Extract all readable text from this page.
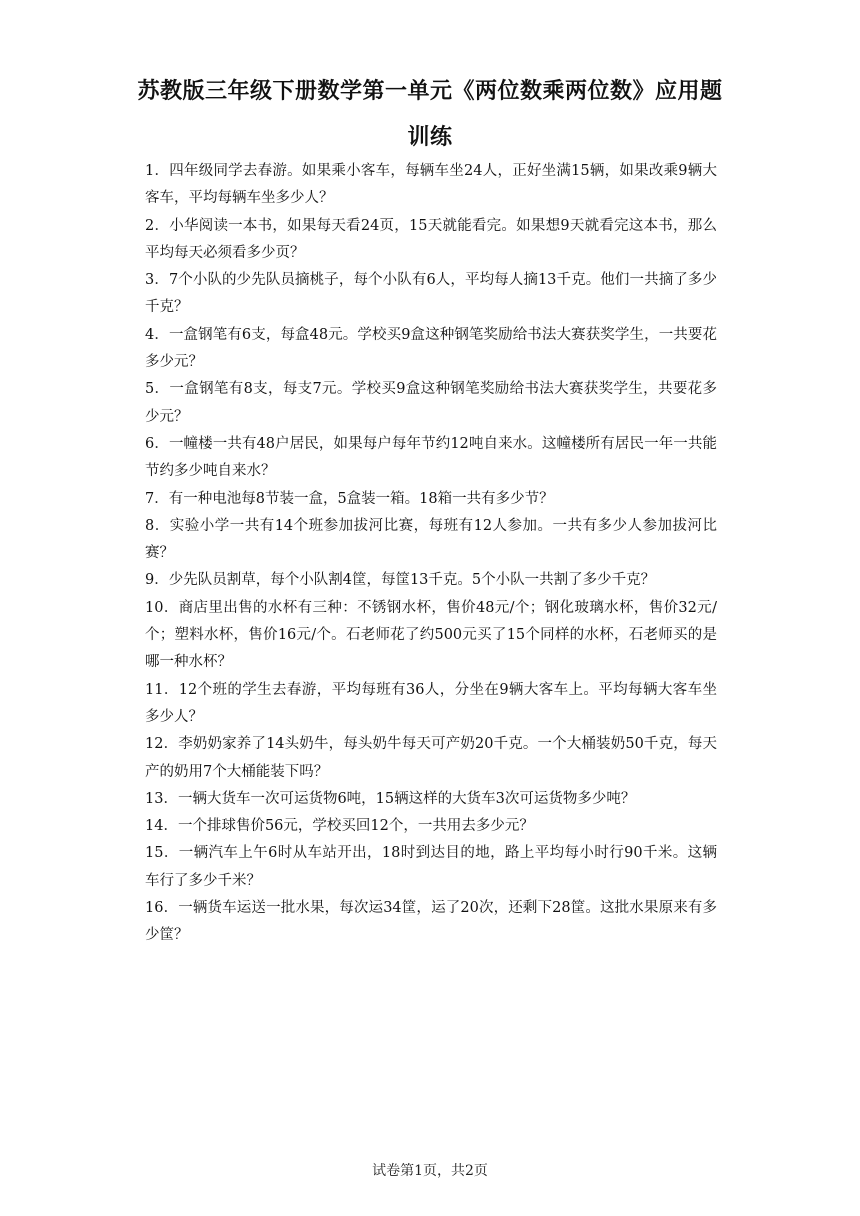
苏教版三年级下册数学第一单元《两位数乘两位数》应用题
训练
1．四年级同学去春游。如果乘小客车，每辆车坐24人，正好坐满15辆，如果改乘9辆大客车，平均每辆车坐多少人？
2．小华阅读一本书，如果每天看24页，15天就能看完。如果想9天就看完这本书，那么平均每天必须看多少页？
3．7个小队的少先队员摘桃子，每个小队有6人，平均每人摘13千克。他们一共摘了多少千克？
4．一盒钢笔有6支，每盒48元。学校买9盒这种钢笔奖励给书法大赛获奖学生，一共要花多少元？
5．一盒钢笔有8支，每支7元。学校买9盒这种钢笔奖励给书法大赛获奖学生，共要花多少元？
6．一幢楼一共有48户居民，如果每户每年节约12吨自来水。这幢楼所有居民一年一共能节约多少吨自来水？
7．有一种电池每8节装一盒，5盒装一箱。18箱一共有多少节？
8．实验小学一共有14个班参加拔河比赛，每班有12人参加。一共有多少人参加拔河比赛？
9．少先队员割草，每个小队割4筐，每筐13千克。5个小队一共割了多少千克？
10．商店里出售的水杯有三种：不锈钢水杯，售价48元/个；钢化玻璃水杯，售价32元/个；塑料水杯，售价16元/个。石老师花了约500元买了15个同样的水杯，石老师买的是哪一种水杯？
11．12个班的学生去春游，平均每班有36人，分坐在9辆大客车上。平均每辆大客车坐多少人？
12．李奶奶家养了14头奶牛，每头奶牛每天可产奶20千克。一个大桶装奶50千克，每天产的奶用7个大桶能装下吗？
13．一辆大货车一次可运货物6吨，15辆这样的大货车3次可运货物多少吨？
14．一个排球售价56元，学校买回12个，一共用去多少元？
15．一辆汽车上午6时从车站开出，18时到达目的地，路上平均每小时行90千米。这辆车行了多少千米？
16．一辆货车运送一批水果，每次运34筐，运了20次，还剩下28筐。这批水果原来有多少筐？
试卷第1页，共2页
